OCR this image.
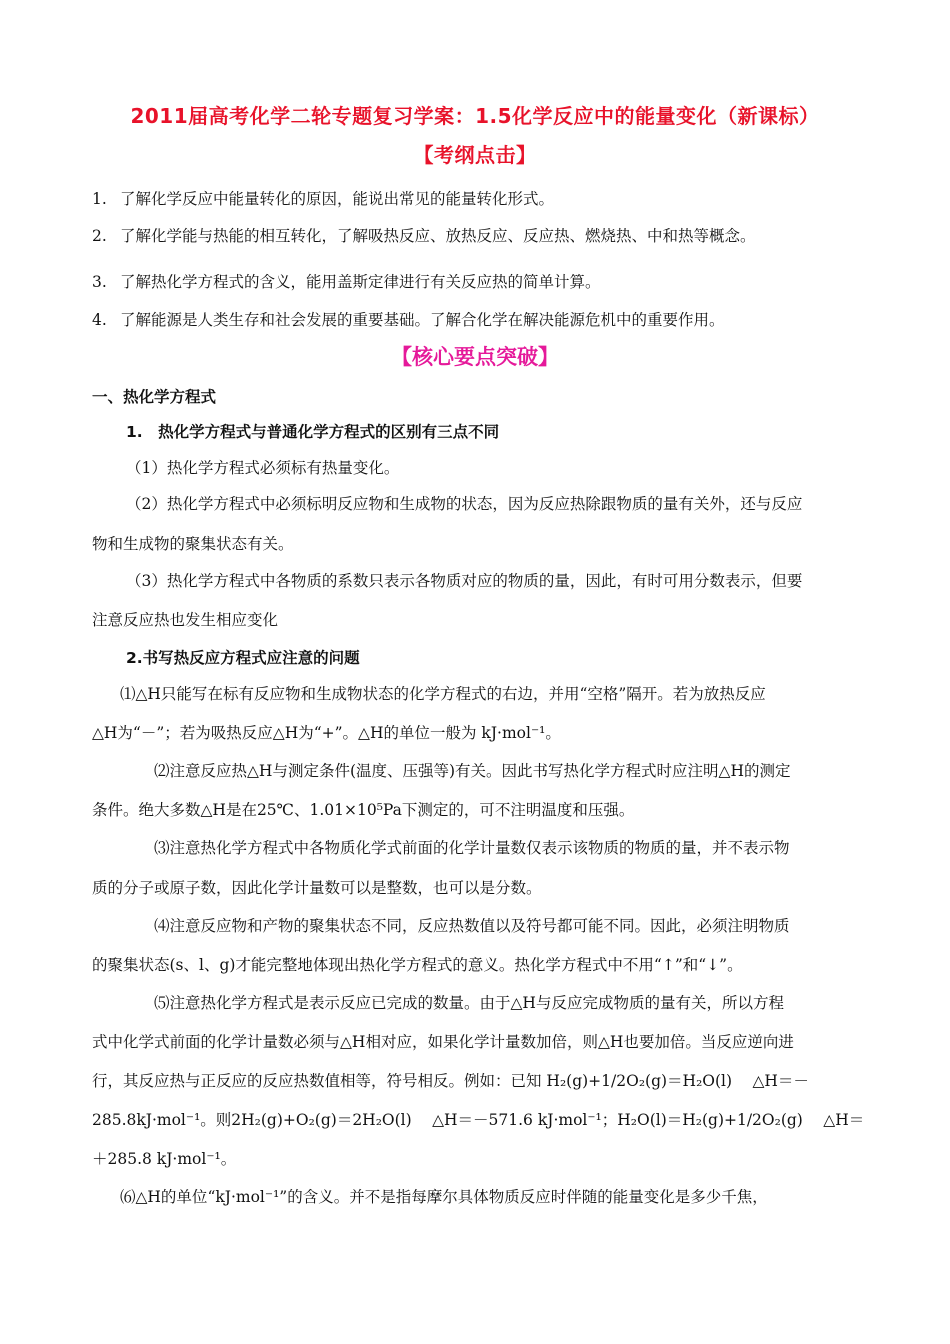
2011届高考化学二轮专题复习学案：1.5化学反应中的能量变化（新课标）
【考纲点击】
1. 了解化学反应中能量转化的原因，能说出常见的能量转化形式。
2. 了解化学能与热能的相互转化，了解吸热反应、放热反应、反应热、燃烧热、中和热等概念。
3. 了解热化学方程式的含义，能用盖斯定律进行有关反应热的简单计算。
4. 了解能源是人类生存和社会发展的重要基础。了解合化学在解决能源危机中的重要作用。
【核心要点突破】
一、热化学方程式
1.　热化学方程式与普通化学方程式的区别有三点不同
（1）热化学方程式必须标有热量变化。
（2）热化学方程式中必须标明反应物和生成物的状态，因为反应热除跟物质的量有关外，还与反应
物和生成物的聚集状态有关。
（3）热化学方程式中各物质的系数只表示各物质对应的物质的量，因此，有时可用分数表示，但要
注意反应热也发生相应变化
2.书写热反应方程式应注意的问题
⑴△H只能写在标有反应物和生成物状态的化学方程式的右边，并用“空格”隔开。若为放热反应
△H为“－”；若为吸热反应△H为“+”。△H的单位一般为 kJ·mol⁻¹。
⑵注意反应热△H与测定条件(温度、压强等)有关。因此书写热化学方程式时应注明△H的测定
条件。绝大多数△H是在25℃、1.01×10⁵Pa下测定的，可不注明温度和压强。
⑶注意热化学方程式中各物质化学式前面的化学计量数仅表示该物质的物质的量，并不表示物
质的分子或原子数，因此化学计量数可以是整数，也可以是分数。
⑷注意反应物和产物的聚集状态不同，反应热数值以及符号都可能不同。因此，必须注明物质
的聚集状态(s、l、g)才能完整地体现出热化学方程式的意义。热化学方程式中不用“↑”和“↓”。
⑸注意热化学方程式是表示反应已完成的数量。由于△H与反应完成物质的量有关，所以方程
式中化学式前面的化学计量数必须与△H相对应，如果化学计量数加倍，则△H也要加倍。当反应逆向进
行，其反应热与正反应的反应热数值相等，符号相反。例如：已知 H₂(g)+1/2O₂(g)＝H₂O(l)　 △H＝－
285.8kJ·mol⁻¹。则2H₂(g)+O₂(g)＝2H₂O(l)　 △H＝－571.6 kJ·mol⁻¹；H₂O(l)＝H₂(g)+1/2O₂(g)　 △H＝
＋285.8 kJ·mol⁻¹。
⑹△H的单位“kJ·mol⁻¹”的含义。并不是指每摩尔具体物质反应时伴随的能量变化是多少千焦，
